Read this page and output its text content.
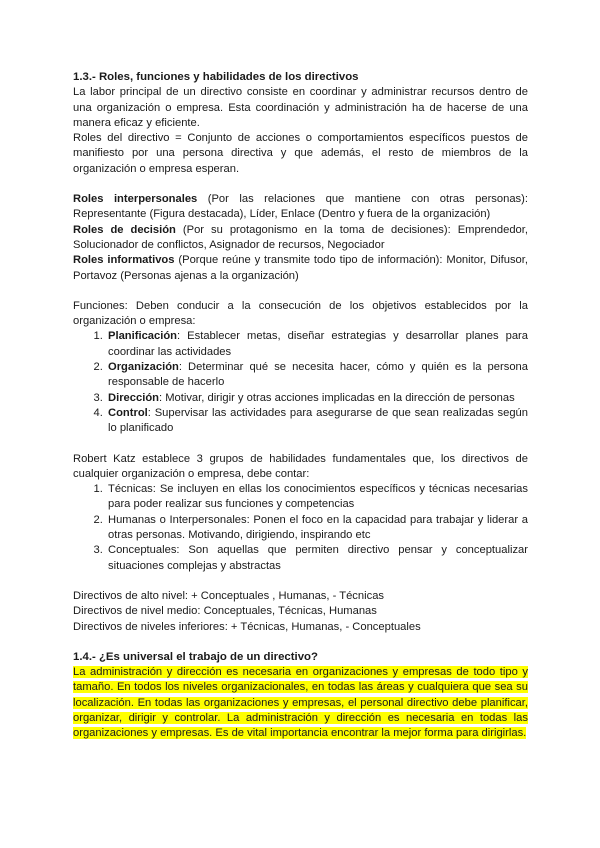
1.3.- Roles, funciones y habilidades de los directivos

La labor principal de un directivo consiste en coordinar y administrar recursos dentro de una organización o empresa. Esta coordinación y administración ha de hacerse de una manera eficaz y eficiente.

Roles del directivo = Conjunto de acciones o comportamientos específicos puestos de manifiesto por una persona directiva y que además, el resto de miembros de la organización o empresa esperan.

Roles interpersonales (Por las relaciones que mantiene con otras personas): Representante (Figura destacada), Líder, Enlace (Dentro y fuera de la organización)

Roles de decisión (Por su protagonismo en la toma de decisiones): Emprendedor, Solucionador de conflictos, Asignador de recursos, Negociador

Roles informativos (Porque reúne y transmite todo tipo de información): Monitor, Difusor, Portavoz (Personas ajenas a la organización)

Funciones: Deben conducir a la consecución de los objetivos establecidos por la organización o empresa:

1. Planificación: Establecer metas, diseñar estrategias y desarrollar planes para coordinar las actividades
2. Organización: Determinar qué se necesita hacer, cómo y quién es la persona responsable de hacerlo
3. Dirección: Motivar, dirigir y otras acciones implicadas en la dirección de personas
4. Control: Supervisar las actividades para asegurarse de que sean realizadas según lo planificado

Robert Katz establece 3 grupos de habilidades fundamentales que, los directivos de cualquier organización o empresa, debe contar:

1. Técnicas: Se incluyen en ellas los conocimientos específicos y técnicas necesarias para poder realizar sus funciones y competencias
2. Humanas o Interpersonales: Ponen el foco en la capacidad para trabajar y liderar a otras personas. Motivando, dirigiendo, inspirando etc
3. Conceptuales: Son aquellas que permiten directivo pensar y conceptualizar situaciones complejas y abstractas

Directivos de alto nivel: + Conceptuales , Humanas, - Técnicas

Directivos de nivel medio: Conceptuales, Técnicas, Humanas

Directivos de niveles inferiores: + Técnicas, Humanas, - Conceptuales

1.4.- ¿Es universal el trabajo de un directivo?

La administración y dirección es necesaria en organizaciones y empresas de todo tipo y tamaño. En todos los niveles organizacionales, en todas las áreas y cualquiera que sea su localización. En todas las organizaciones y empresas, el personal directivo debe planificar, organizar, dirigir y controlar. La administración y dirección es necesaria en todas las organizaciones y empresas. Es de vital importancia encontrar la mejor forma para dirigirlas.
